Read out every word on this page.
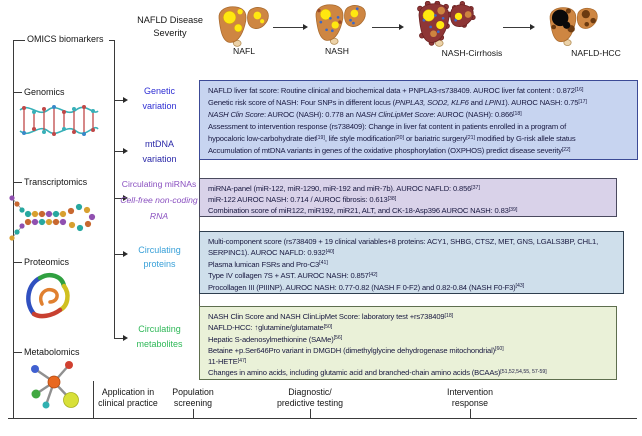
NAFLD Disease
Severity
NAFL	NASH	NASH-Cirrhosis	NAFLD-HCC
OMICS biomarkers
Genomics
Transcriptomics
Proteomics
Metabolomics
Genetic
variation
mtDNA
variation
Circulating miRNAs
Cell-free non-coding
RNA
Circulating
proteins
Circulating
metabolites
NAFLD liver fat score: Routine clinical and biochemical data + PNPLA3-rs738409. AUROC liver fat content : 0.872[16]
Genetic risk score of NASH: Four SNPs in different locus (PNPLA3, SOD2, KLF6 and LPIN1). AUROC NASH: 0.75[17]
NASH Clin Score: AUROC (NASH): 0.778 an NASH ClinLipMet Score: AUROC (NASH): 0.866[18]
Assessment to intervention response (rs738409): Change in liver fat content in patients enrolled in a program of
hypocaloric low-carbohydrate diet[19], life style modification[20] or bariatric surgery[21] modified by G-risk allele status
Accumulation of mtDNA variants in genes of the oxidative phosphorylation (OXPHOS) predict disease severity[22]
miRNA-panel (miR-122, miR-1290, miR-192 and miR-7b). AUROC NAFLD: 0.856[37]
miR-122 AUROC NASH: 0.714 / AUROC fibrosis: 0.613[38]
Combination score of miR122, miR192, miR21, ALT, and CK-18-Asp396 AUROC NASH: 0.83[39]
Multi-component score (rs738409 + 19 clinical variables+8 proteins: ACY1, SHBG, CTSZ, MET, GNS, LGALS3BP, CHL1,
SERPINC1). AUROC NAFLD: 0.932[40]
Plasma lumican FSRs and Pro-C3[41]
Type IV collagen 7S + AST. AUROC NASH: 0.857[42]
Procollagen III (PIIINP). AUROC NASH: 0.77-0.82 (NASH F 0-F2) and 0.82-0.84 (NASH F0-F3)[43]
NASH Clin Score and NASH ClinLipMet Score: laboratory test +rs738409[18]
NAFLD-HCC: ↑glutamine/glutamate[50]
Hepatic S-adenosylmethionine (SAMe)[56]
Betaine +p.Ser646Pro variant in DMGDH (dimethylglycine dehydrogenase mitochondrial)[60]
11-HETE[47]
Changes in amino acids, including glutamic acid and branched-chain amino acids (BCAAs)[51,52,54,55, 57-59]
Application in
clinical practice
Population
screening
Diagnostic/
predictive testing
Intervention
response
